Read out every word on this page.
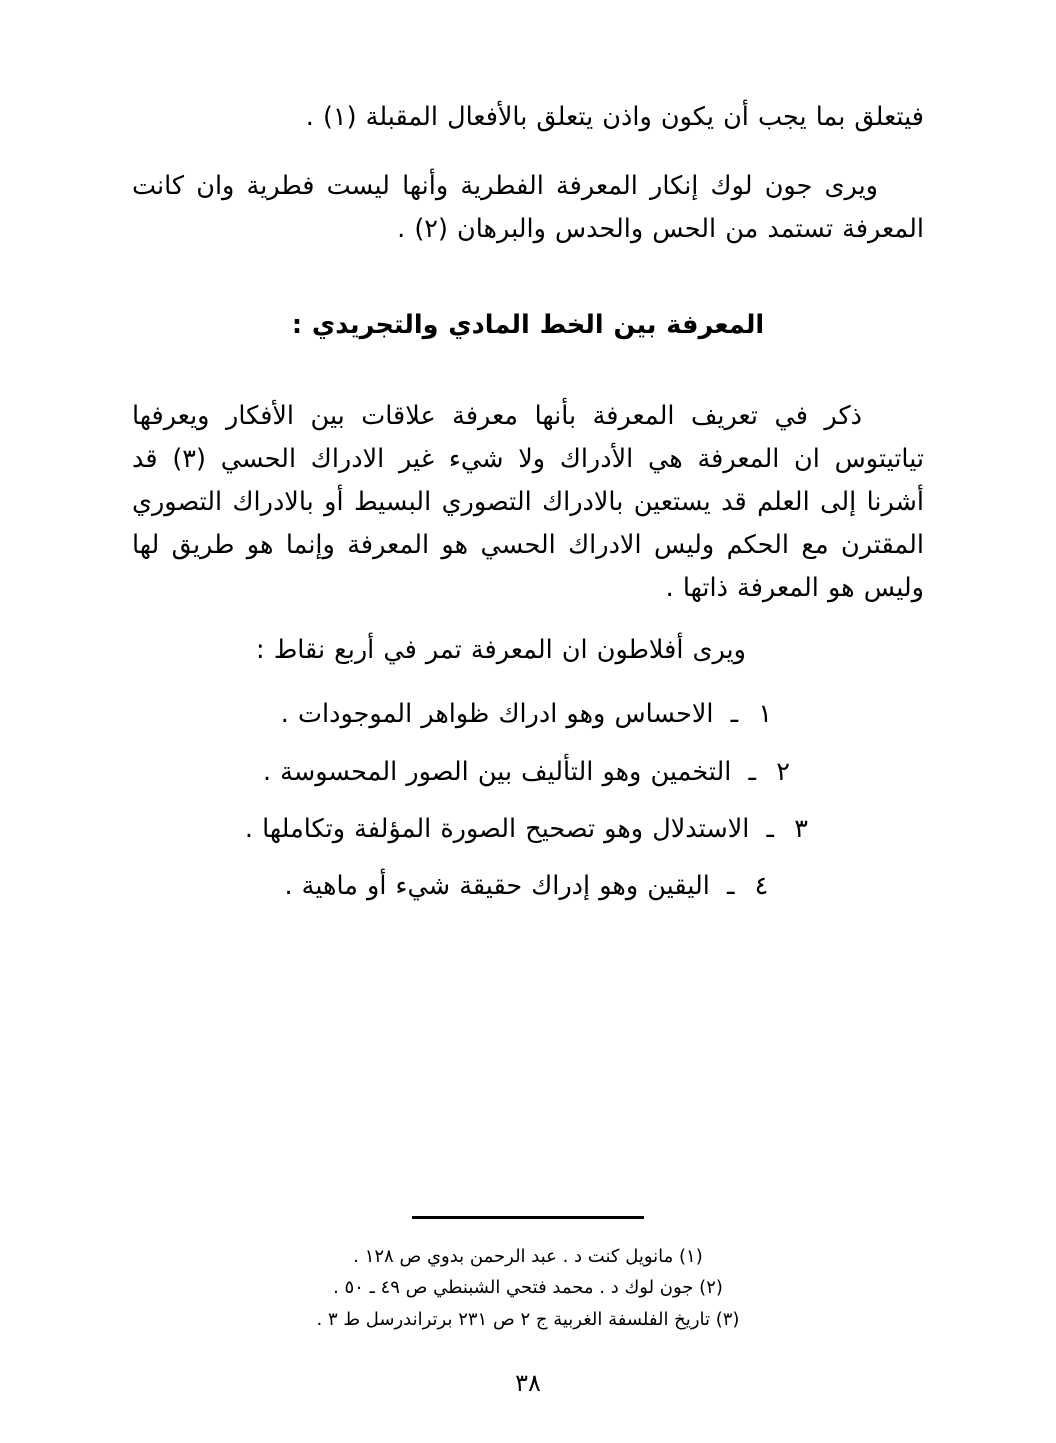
فيتعلق بما يجب أن يكون واذن يتعلق بالأفعال المقبلة (١) .

ويرى جون لوك إنكار المعرفة الفطرية وأنها ليست فطرية وان كانت المعرفة تستمد من الحس والحدس والبرهان (٢) .

المعرفة بين الخط المادي والتجريدي :

ذكر في تعريف المعرفة بأنها معرفة علاقات بين الأفكار ويعرفها تياتيتوس ان المعرفة هي الأدراك ولا شيء غير الادراك الحسي (٣) قد أشرنا إلى العلم قد يستعين بالادراك التصوري البسيط أو بالادراك التصوري المقترن مع الحكم وليس الادراك الحسي هو المعرفة وإنما هو طريق لها وليس هو المعرفة ذاتها .

ويرى أفلاطون ان المعرفة تمر في أربع نقاط :

١ ـ الاحساس وهو ادراك ظواهر الموجودات .
٢ ـ التخمين وهو التأليف بين الصور المحسوسة .
٣ ـ الاستدلال وهو تصحيح الصورة المؤلفة وتكاملها .
٤ ـ اليقين وهو إدراك حقيقة شيء أو ماهية .
(١) مانويل كنت د . عبد الرحمن بدوي ص ١٢٨ .
(٢) جون لوك د . محمد فتحي الشبنطي ص ٤٩ ـ ٥٠ .
(٣) تاريخ الفلسفة الغربية ج ٢ ص ٢٣١ برتراندرسل ط ٣ .
٣٨
